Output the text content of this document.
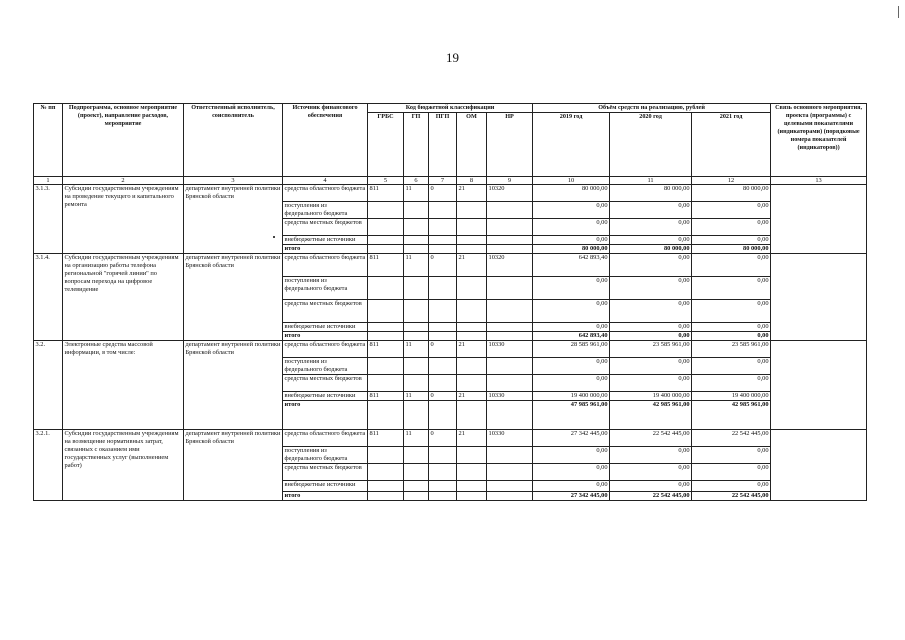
19
№ пп	Подпрограмма, основное мероприятие (проект), направление расходов, мероприятие	Ответственный исполнитель, соисполнитель	Источник финансового обеспечения	Код бюджетной классификации					Объём средств на реализацию, рублей			Связь основного мероприятия, проекта (программы) с целевыми показателями (индикаторами) (порядковые номера показателей (индикаторов))
				ГРБС	ГП	ПГП	ОМ	НР	2019 год	2020 год	2021 год	
1	2	3	4	5	6	7	8	9	10	11	12	13
3.1.3.	Субсидии государственным учреждениям на проведение текущего и капитального ремонта	департамент внутренней политики Брянской области	средства областного бюджета	811	11	0	21	10320	80 000,00	80 000,00	80 000,00	
			поступления из федерального бюджета						0,00	0,00	0,00	
			средства местных бюджетов						0,00	0,00	0,00	
			внебюджетные источники						0,00	0,00	0,00	
			итого						80 000,00	80 000,00	80 000,00	
3.1.4.	Субсидии государственным учреждениям на организацию работы телефона региональной "горячей линии" по вопросам перехода на цифровое телевидение	департамент внутренней политики Брянской области	средства областного бюджета	811	11	0	21	10320	642 893,40	0,00	0,00	
			поступления из федерального бюджета						0,00	0,00	0,00	
			средства местных бюджетов						0,00	0,00	0,00	
			внебюджетные источники						0,00	0,00	0,00	
			итого						642 893,40	0,00	0,00	
3.2.	Электронные средства массовой информации, в том числе:	департамент внутренней политики Брянской области	средства областного бюджета	811	11	0	21	10330	28 585 961,00	23 585 961,00	23 585 961,00	
			поступления из федерального бюджета						0,00	0,00	0,00	
			средства местных бюджетов						0,00	0,00	0,00	
			внебюджетные источники	811	11	0	21	10330	19 400 000,00	19 400 000,00	19 400 000,00	
			итого						47 985 961,00	42 985 961,00	42 985 961,00	
3.2.1.	Субсидии государственным учреждениям на возмещение нормативных затрат, связанных с оказанием ими государственных услуг (выполнением работ)	департамент внутренней политики Брянской области	средства областного бюджета	811	11	0	21	10330	27 342 445,00	22 542 445,00	22 542 445,00	
			поступления из федерального бюджета						0,00	0,00	0,00	
			средства местных бюджетов						0,00	0,00	0,00	
			внебюджетные источники						0,00	0,00	0,00	
			итого						27 342 445,00	22 542 445,00	22 542 445,00	
